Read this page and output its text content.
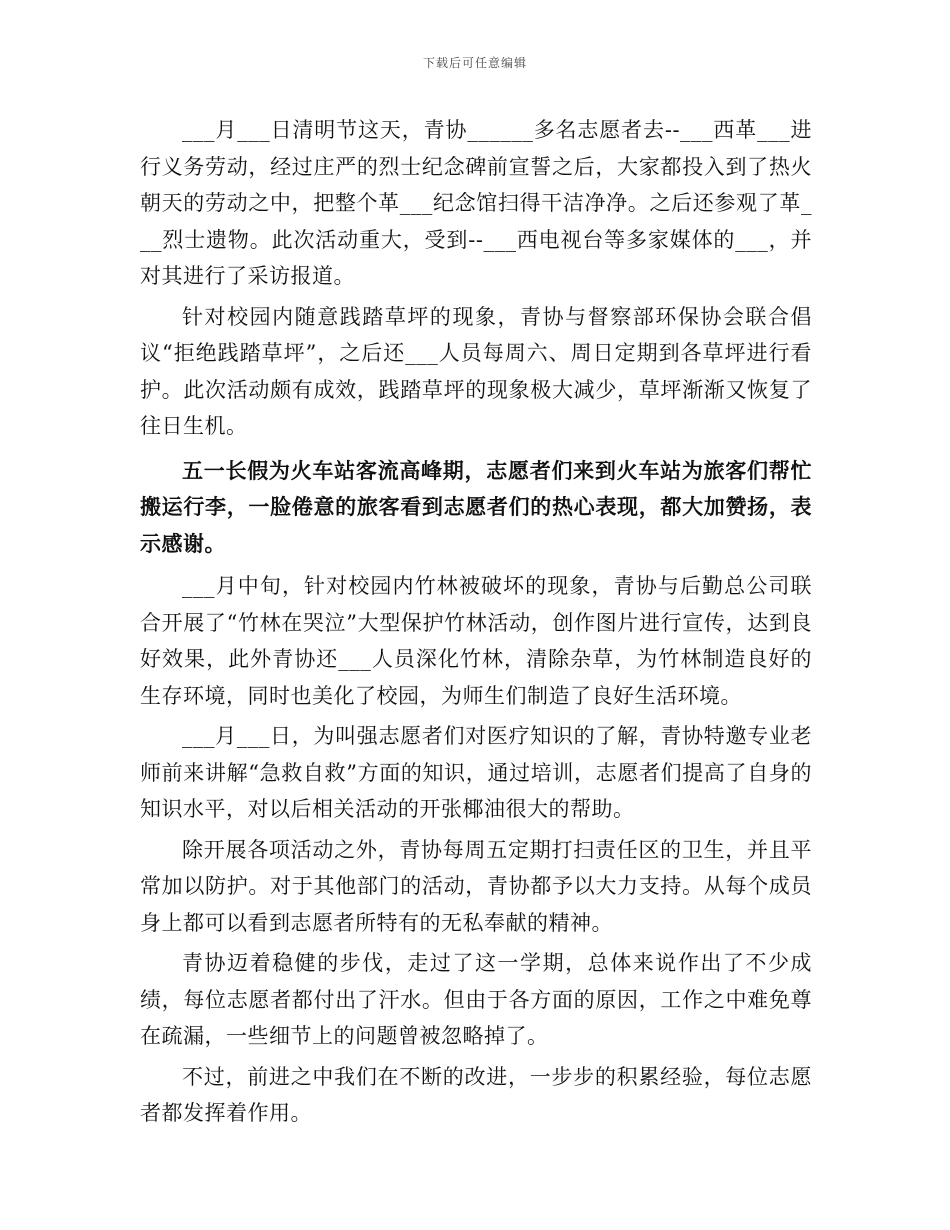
下载后可任意编辑

___月___日清明节这天，青协______多名志愿者去--___西革___进行义务劳动，经过庄严的烈士纪念碑前宣誓之后，大家都投入到了热火朝天的劳动之中，把整个革___纪念馆扫得干洁净净。之后还参观了革___烈士遗物。此次活动重大，受到--___西电视台等多家媒体的___，并对其进行了采访报道。

针对校园内随意践踏草坪的现象，青协与督察部环保协会联合倡议“拒绝践踏草坪”，之后还___人员每周六、周日定期到各草坪进行看护。此次活动颇有成效，践踏草坪的现象极大减少，草坪渐渐又恢复了往日生机。

五一长假为火车站客流高峰期，志愿者们来到火车站为旅客们帮忙搬运行李，一脸倦意的旅客看到志愿者们的热心表现，都大加赞扬，表示感谢。

___月中旬，针对校园内竹林被破坏的现象，青协与后勤总公司联合开展了“竹林在哭泣”大型保护竹林活动，创作图片进行宣传，达到良好效果，此外青协还___人员深化竹林，清除杂草，为竹林制造良好的生存环境，同时也美化了校园，为师生们制造了良好生活环境。

___月___日，为叫强志愿者们对医疗知识的了解，青协特邀专业老师前来讲解“急救自救”方面的知识，通过培训，志愿者们提高了自身的知识水平，对以后相关活动的开张椰油很大的帮助。

除开展各项活动之外，青协每周五定期打扫责任区的卫生，并且平常加以防护。对于其他部门的活动，青协都予以大力支持。从每个成员身上都可以看到志愿者所特有的无私奉献的精神。

青协迈着稳健的步伐，走过了这一学期，总体来说作出了不少成绩，每位志愿者都付出了汗水。但由于各方面的原因，工作之中难免尊在疏漏，一些细节上的问题曾被忽略掉了。

不过，前进之中我们在不断的改进，一步步的积累经验，每位志愿者都发挥着作用。
